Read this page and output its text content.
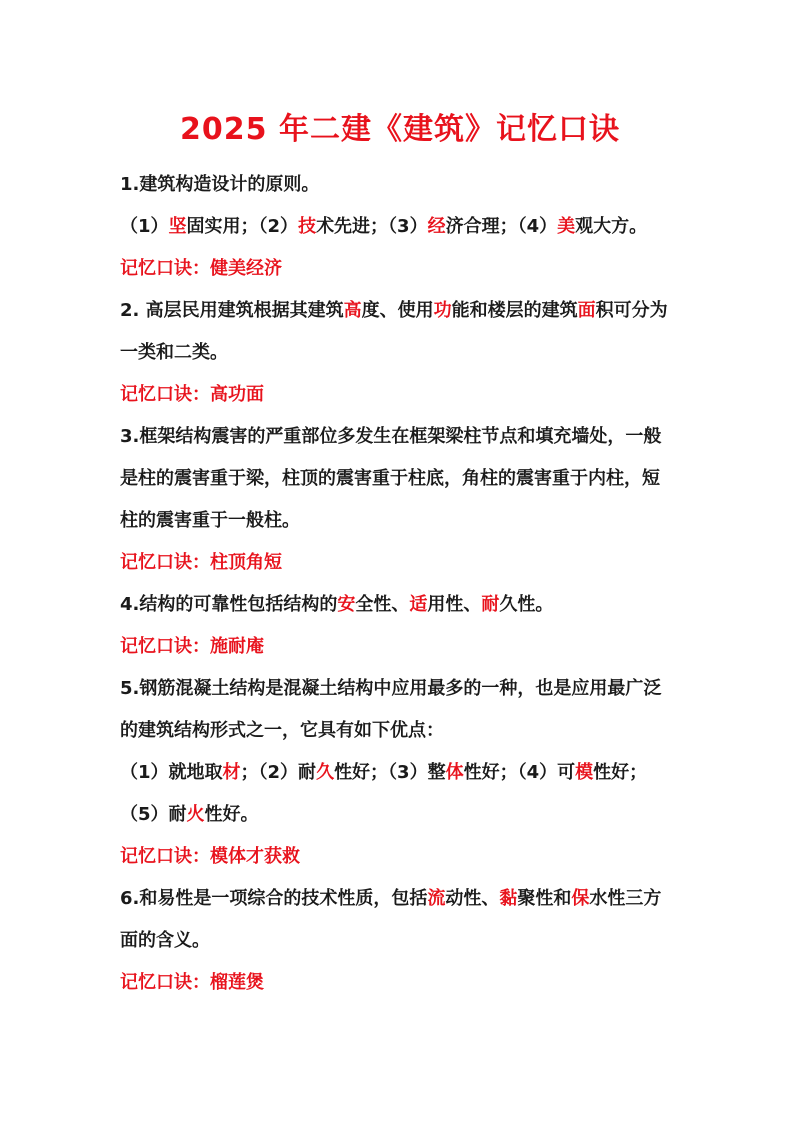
2025 年二建《建筑》记忆口诀
1.建筑构造设计的原则。
（1）坚固实用；（2）技术先进；（3）经济合理；（4）美观大方。
记忆口诀：健美经济
2. 高层民用建筑根据其建筑高度、使用功能和楼层的建筑面积可分为
一类和二类。
记忆口诀：高功面
3.框架结构震害的严重部位多发生在框架梁柱节点和填充墙处，一般
是柱的震害重于梁，柱顶的震害重于柱底，角柱的震害重于内柱，短
柱的震害重于一般柱。
记忆口诀：柱顶角短
4.结构的可靠性包括结构的安全性、适用性、耐久性。
记忆口诀：施耐庵
5.钢筋混凝土结构是混凝土结构中应用最多的一种，也是应用最广泛
的建筑结构形式之一，它具有如下优点：
（1）就地取材；（2）耐久性好；（3）整体性好；（4）可模性好；
（5）耐火性好。
记忆口诀：模体才获救
6.和易性是一项综合的技术性质，包括流动性、黏聚性和保水性三方
面的含义。
记忆口诀：榴莲煲
